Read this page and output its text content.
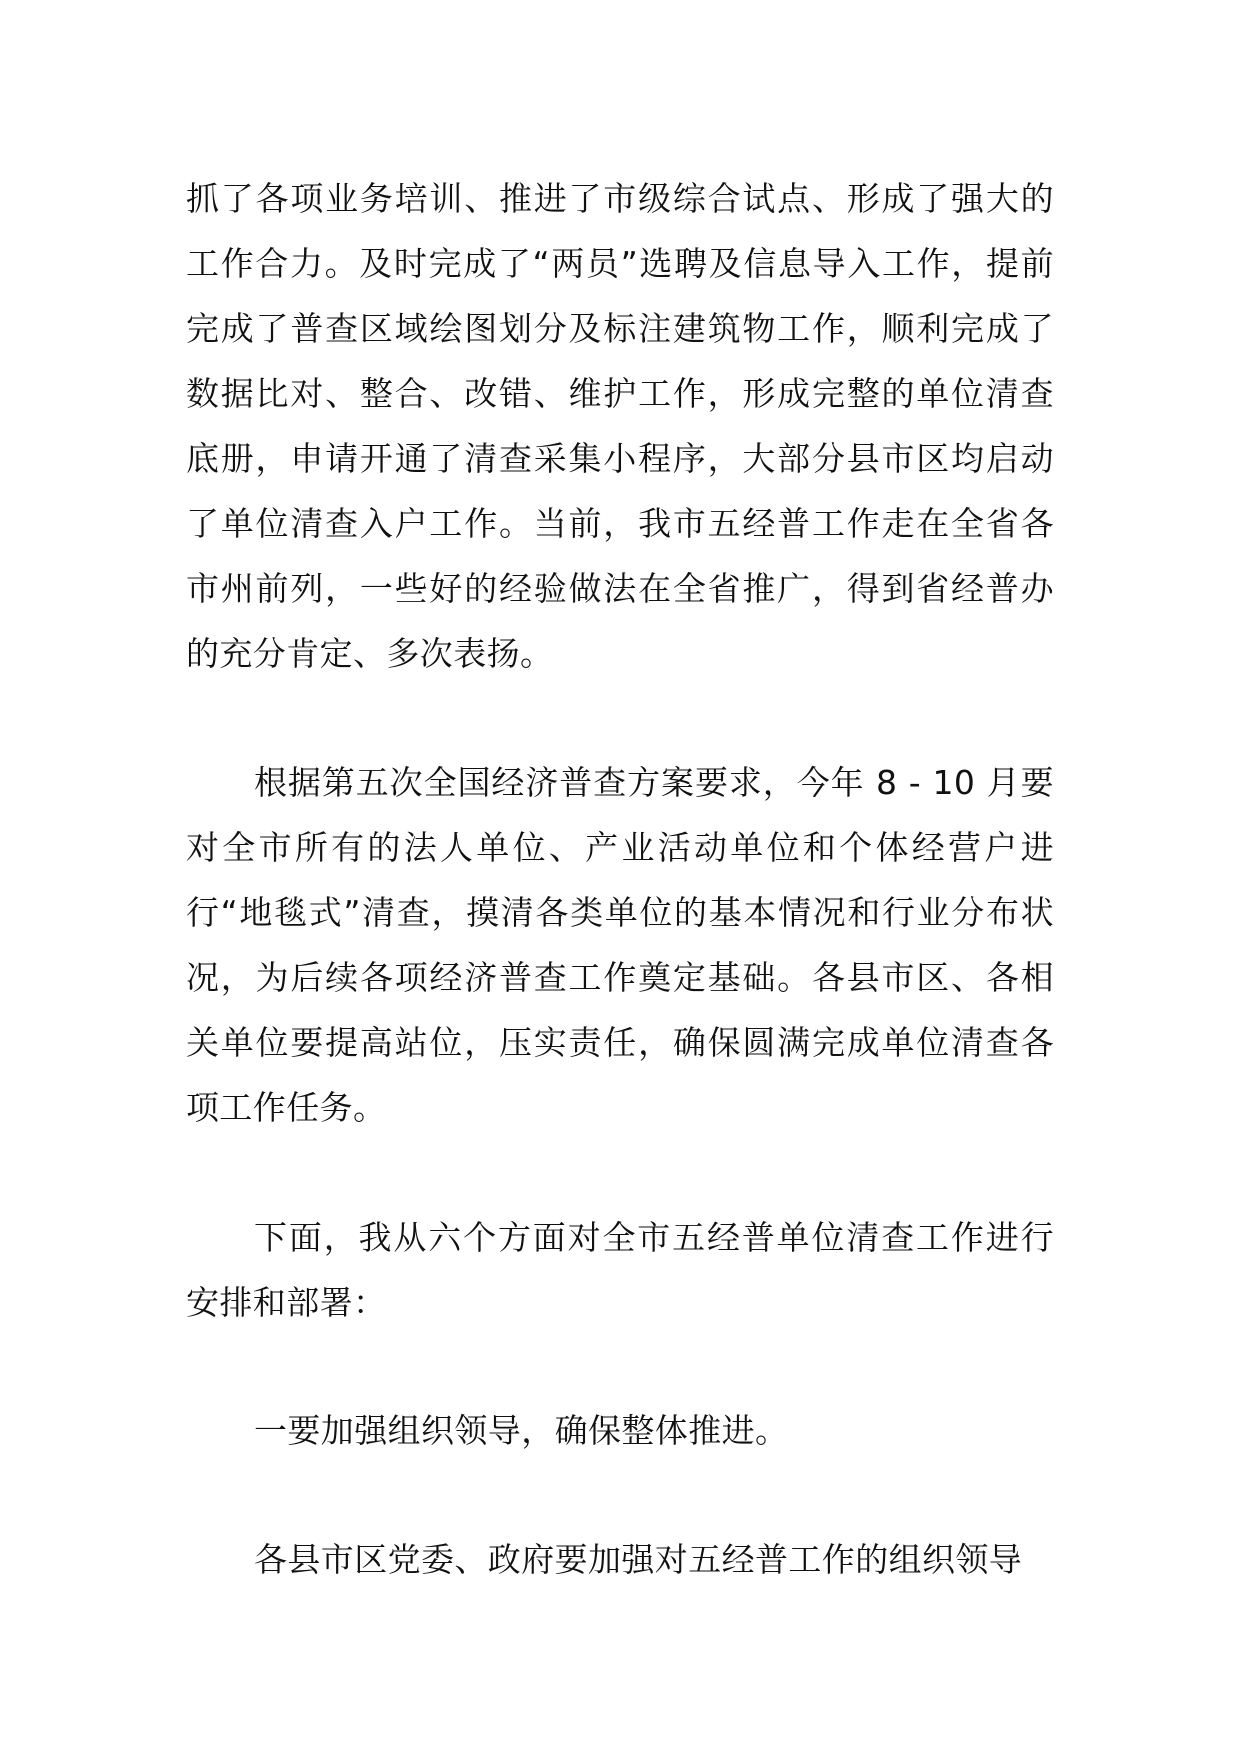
抓了各项业务培训、推进了市级综合试点、形成了强大的工作合力。及时完成了“两员”选聘及信息导入工作，提前完成了普查区域绘图划分及标注建筑物工作，顺利完成了数据比对、整合、改错、维护工作，形成完整的单位清查底册，申请开通了清查采集小程序，大部分县市区均启动了单位清查入户工作。当前，我市五经普工作走在全省各市州前列，一些好的经验做法在全省推广，得到省经普办的充分肯定、多次表扬。

根据第五次全国经济普查方案要求，今年 8 - 10 月要对全市所有的法人单位、产业活动单位和个体经营户进行“地毯式”清查，摸清各类单位的基本情况和行业分布状况，为后续各项经济普查工作奠定基础。各县市区、各相关单位要提高站位，压实责任，确保圆满完成单位清查各项工作任务。

下面，我从六个方面对全市五经普单位清查工作进行安排和部署：

一要加强组织领导，确保整体推进。

各县市区党委、政府要加强对五经普工作的组织领导
